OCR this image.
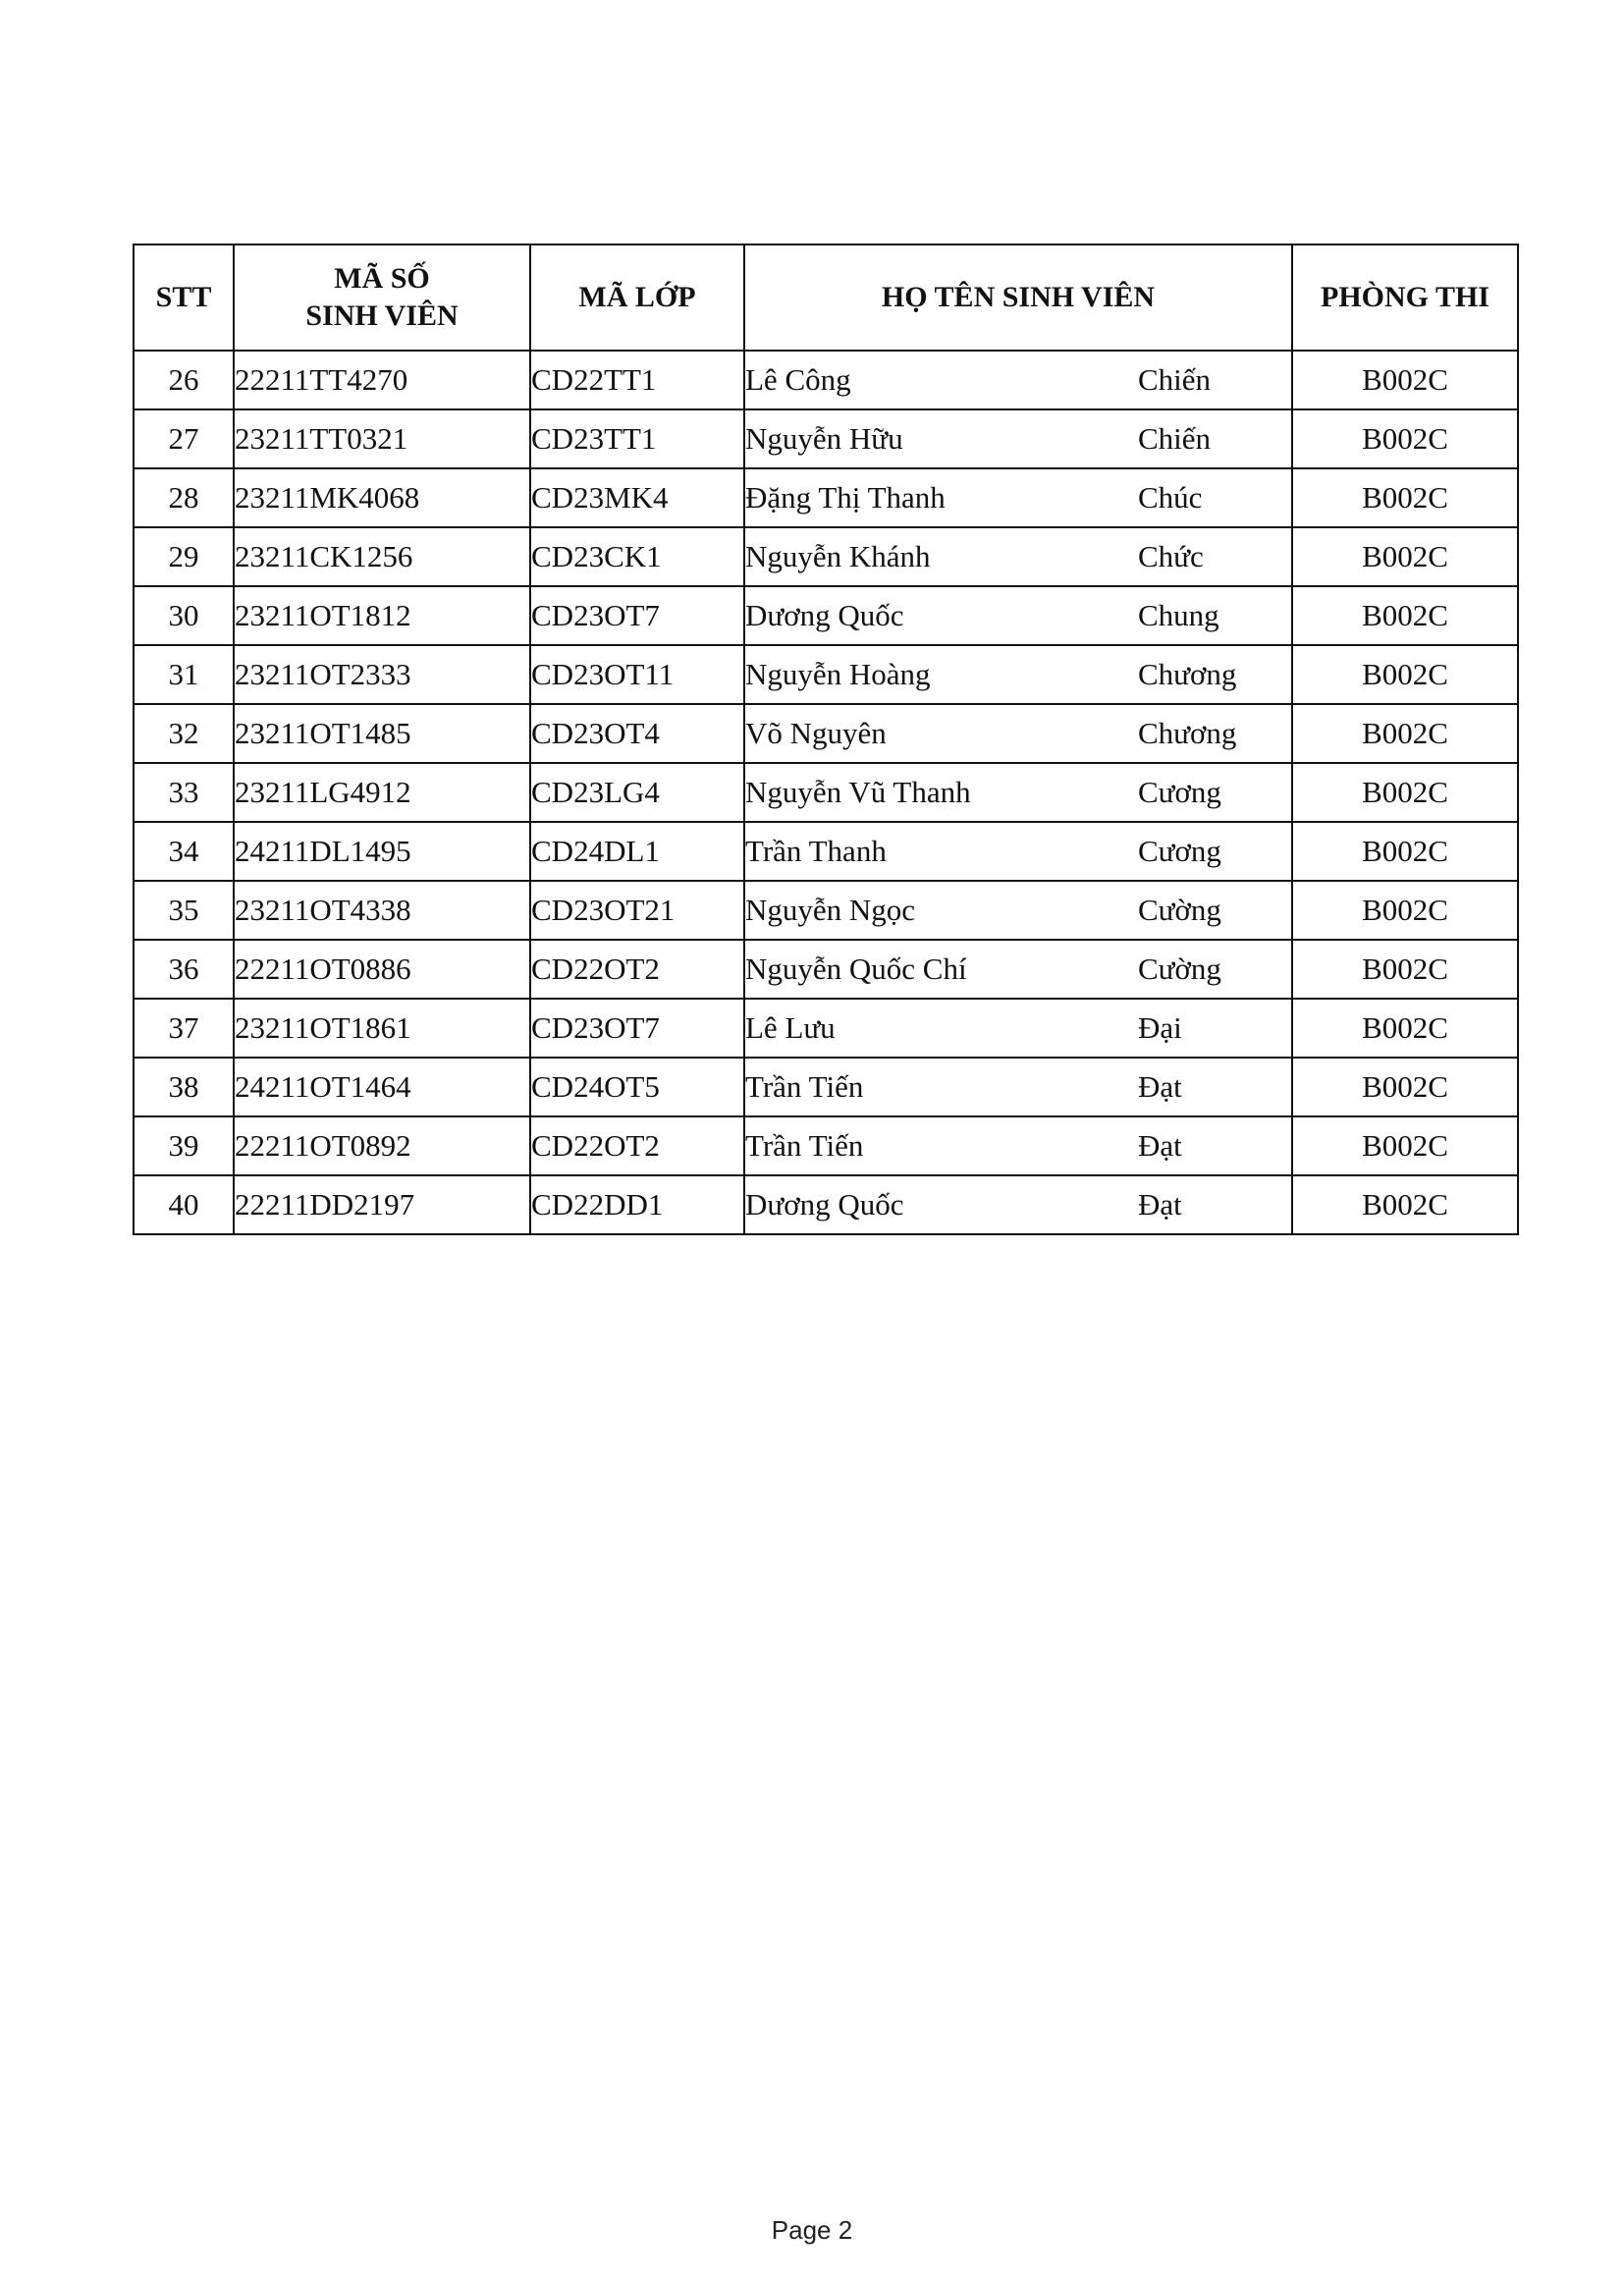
STT	MÃ SỐ
SINH VIÊN	MÃ LỚP	HỌ TÊN SINH VIÊN	PHÒNG THI
26	22211TT4270	CD22TT1	Lê Công Chiến	B002C
27	23211TT0321	CD23TT1	Nguyễn Hữu Chiến	B002C
28	23211MK4068	CD23MK4	Đặng Thị Thanh Chúc	B002C
29	23211CK1256	CD23CK1	Nguyễn Khánh Chức	B002C
30	23211OT1812	CD23OT7	Dương Quốc Chung	B002C
31	23211OT2333	CD23OT11	Nguyễn Hoàng Chương	B002C
32	23211OT1485	CD23OT4	Võ Nguyên Chương	B002C
33	23211LG4912	CD23LG4	Nguyễn Vũ Thanh Cương	B002C
34	24211DL1495	CD24DL1	Trần Thanh Cương	B002C
35	23211OT4338	CD23OT21	Nguyễn Ngọc Cường	B002C
36	22211OT0886	CD22OT2	Nguyễn Quốc Chí Cường	B002C
37	23211OT1861	CD23OT7	Lê Lưu Đại	B002C
38	24211OT1464	CD24OT5	Trần Tiến Đạt	B002C
39	22211OT0892	CD22OT2	Trần Tiến Đạt	B002C
40	22211DD2197	CD22DD1	Dương Quốc Đạt	B002C
Page 2
